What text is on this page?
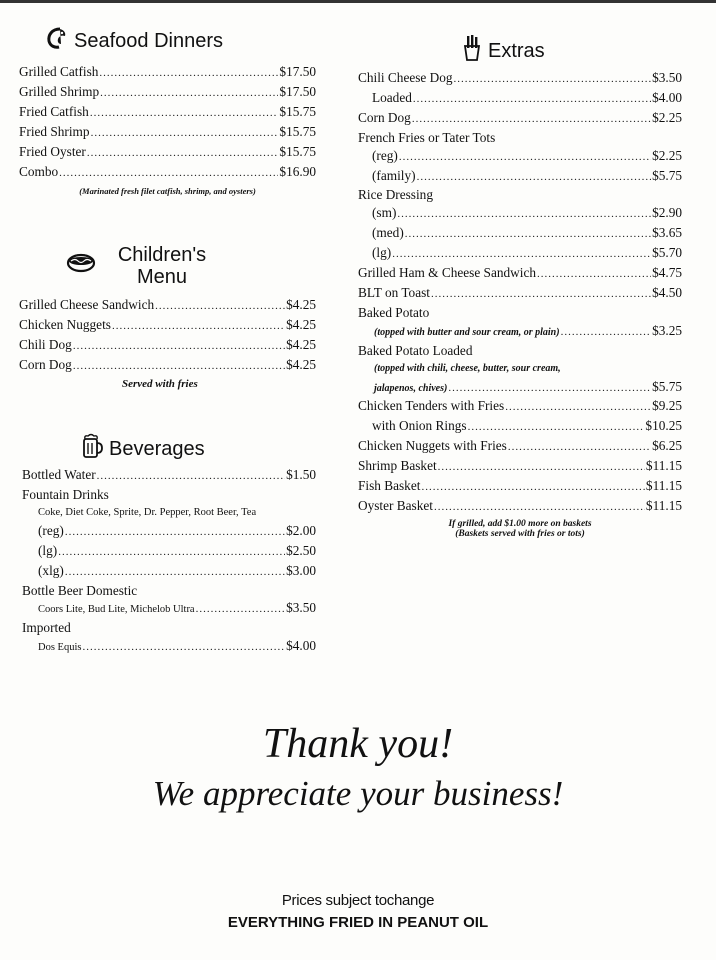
Seafood Dinners
Grilled Catfish .....	$17.50
Grilled Shrimp .....	$17.50
Fried Catfish .....	$15.75
Fried Shrimp .....	$15.75
Fried Oyster .....	$15.75
Combo .....	$16.90
(Marinated fresh filet catfish, shrimp, and oysters)
Children's
Menu
Grilled Cheese Sandwich .....	$4.25
Chicken Nuggets .....	$4.25
Chili Dog .....	$4.25
Corn Dog .....	$4.25
Served with fries
Beverages
Bottled Water .....	$1.50
Fountain Drinks
Coke, Diet Coke, Sprite, Dr. Pepper, Root Beer, Tea
(reg) .....	$2.00
(lg) .....	$2.50
(xlg) .....	$3.00
Bottle Beer Domestic
Coors Lite, Bud Lite, Michelob Ultra .....	$3.50
Imported
Dos Equis .....	$4.00
Extras
Chili Cheese Dog .....	$3.50
Loaded .....	$4.00
Corn Dog .....	$2.25
French Fries or Tater Tots
(reg) .....	$2.25
(family) .....	$5.75
Rice Dressing
(sm) .....	$2.90
(med) .....	$3.65
(lg) .....	$5.70
Grilled Ham & Cheese Sandwich .....	$4.75
BLT on Toast .....	$4.50
Baked Potato
(topped with butter and sour cream, or plain) .....	$3.25
Baked Potato Loaded
(topped with chili, cheese, butter, sour cream,
jalapenos, chives) .....	$5.75
Chicken Tenders with Fries .....	$9.25
with Onion Rings .....	$10.25
Chicken Nuggets with Fries .....	$6.25
Shrimp Basket .....	$11.15
Fish Basket .....	$11.15
Oyster Basket .....	$11.15
If grilled, add $1.00 more on baskets
(Baskets served with fries or tots)
Thank you!
We appreciate your business!
Prices subject tochange
EVERYTHING FRIED IN PEANUT OIL
